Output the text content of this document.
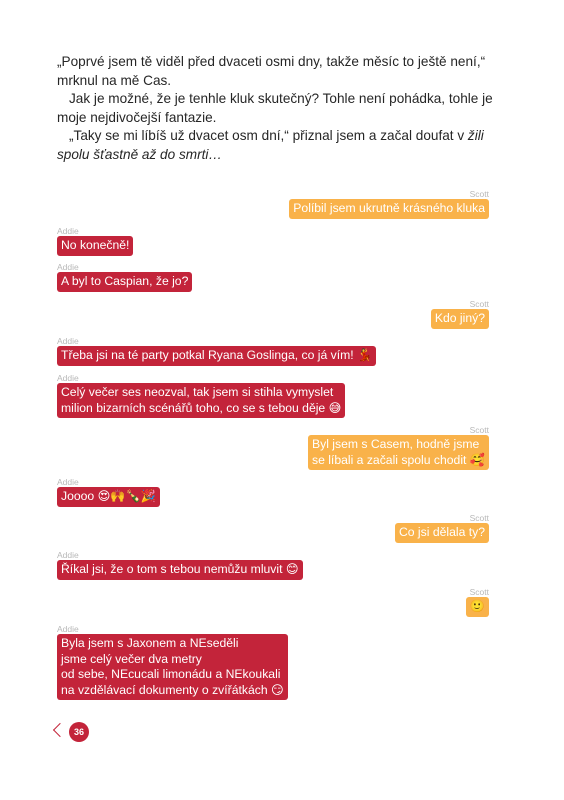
„Poprvé jsem tě viděl před dvaceti osmi dny, takže měsíc to ještě není,“ mrknul na mě Cas.

Jak je možné, že je tenhle kluk skutečný? Tohle není pohádka, tohle je moje nejdivočejší fantazie.

„Taky se mi líbíš už dvacet osm dní,“ přiznal jsem a začal doufat v žili spolu šťastně až do smrti…

Scott
Políbil jsem ukrutně krásného kluka
Addie
No konečně!
Addie
A byl to Caspian, že jo?
Scott
Kdo jiný?
Addie
Třeba jsi na té party potkal Ryana Goslinga, co já vím! 💃
Addie
Celý večer ses neozval, tak jsem si stihla vymyslet
milion bizarních scénářů toho, co se s tebou děje 😅
Scott
Byl jsem s Casem, hodně jsme
se líbali a začali spolu chodit 🥰
Addie
Joooo 😍🙌🍾🎉
Scott
Co jsi dělala ty?
Addie
Říkal jsi, že o tom s tebou nemůžu mluvit 😊
Scott
🙂
Addie
Byla jsem s Jaxonem a NEseděli
jsme celý večer dva metry
od sebe, NEcucali limonádu a NEkoukali
na vzdělávací dokumenty o zvířátkách 😏
36
